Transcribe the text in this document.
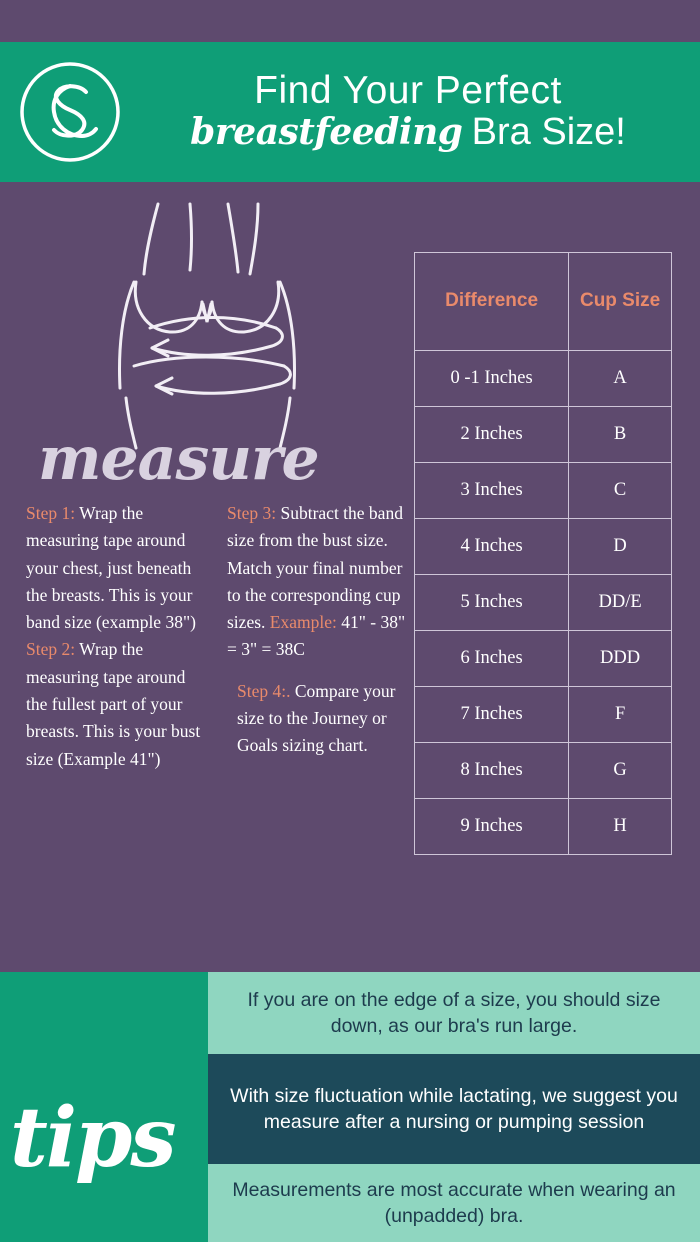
Find Your Perfect
breastfeeding Bra Size!
measure

Step 1: Wrap the measuring tape around your chest, just beneath the breasts. This is your band size (example 38")

Step 2: Wrap the measuring tape around the fullest part of your breasts. This is your bust size (Example 41")

Step 3: Subtract the band size from the bust size. Match your final number to the corresponding cup sizes. Example: 41" - 38" = 3" = 38C

Step 4:. Compare your size to the Journey or Goals sizing chart.

Difference	Cup Size
0 -1 Inches	A
2 Inches	B
3 Inches	C
4 Inches	D
5 Inches	DD/E
6 Inches	DDD
7 Inches	F
8 Inches	G
9 Inches	H
tips
If you are on the edge of a size, you should size down, as our bra's run large.
With size fluctuation while lactating, we suggest you measure after a nursing or pumping session
Measurements are most accurate when wearing an (unpadded) bra.
